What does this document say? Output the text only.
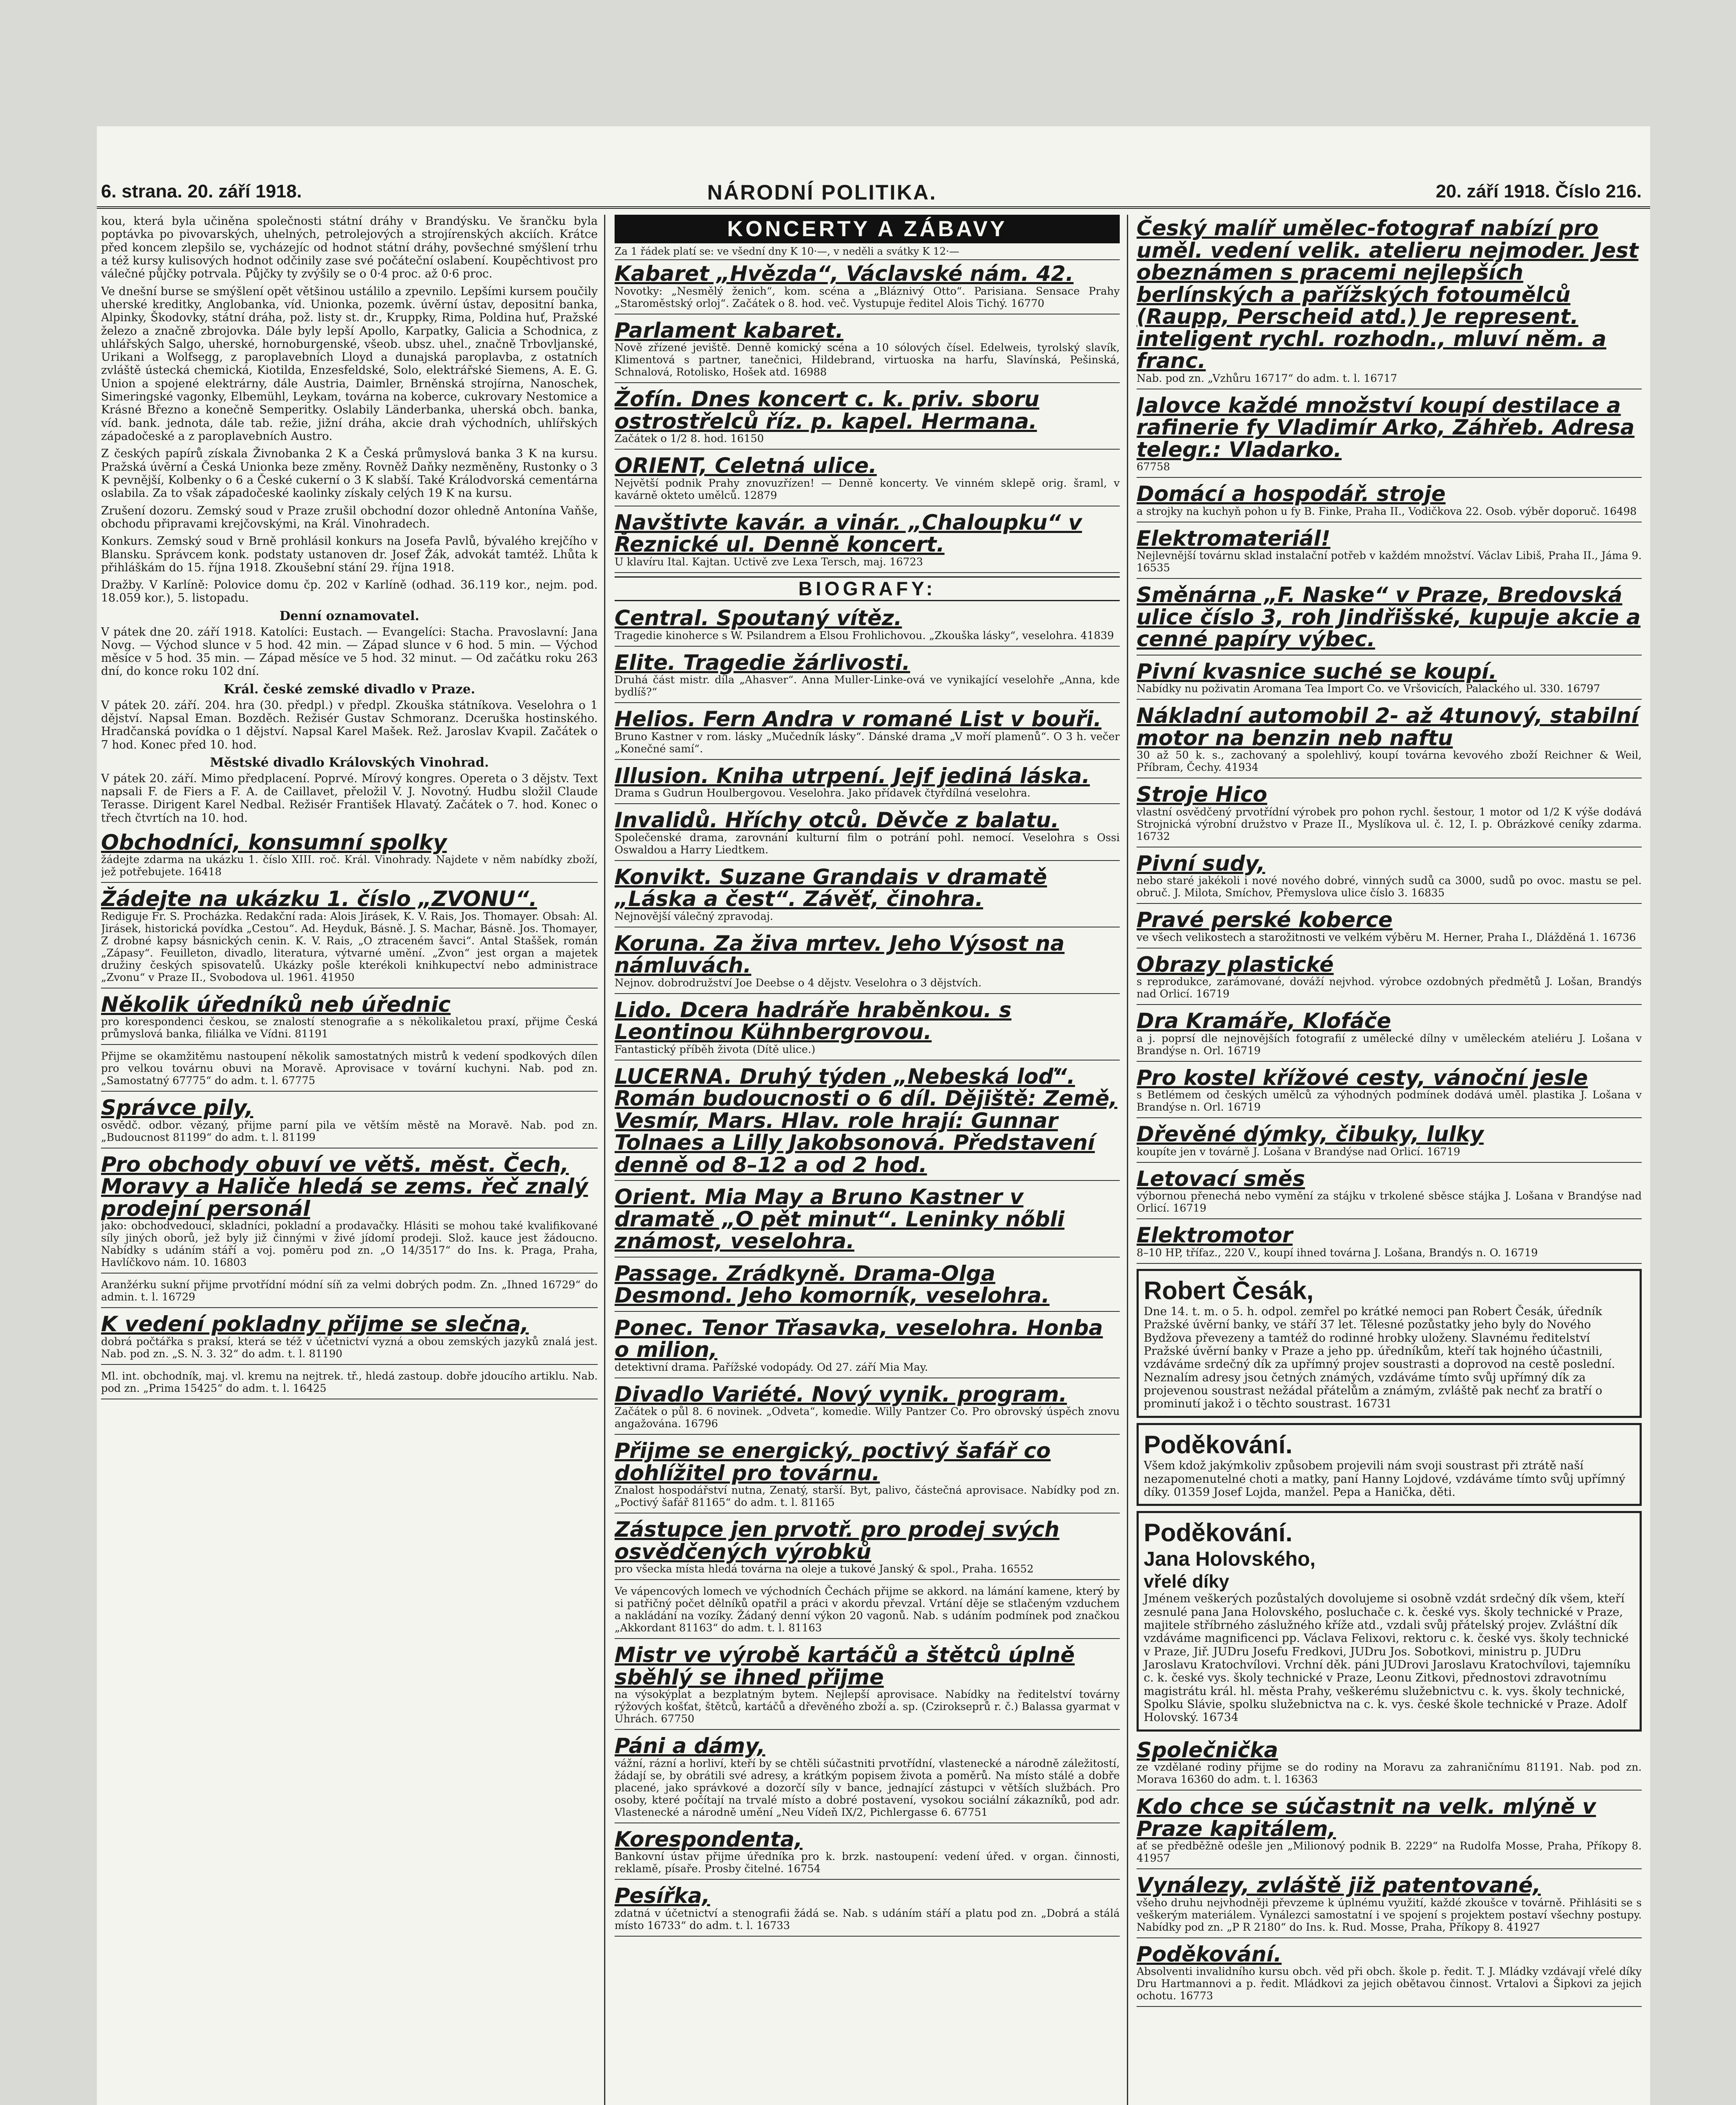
6. strana. 20. září 1918.	NÁRODNÍ POLITIKA.	20. září 1918. Číslo 216.

kou, která byla učiněna společnosti státní dráhy v Brandýsku. Ve šrančku byla poptávka po pivovarských, uhelných, petrolejových a strojírenských akciích. Krátce před koncem zlepšilo se, vycházejíc od hodnot státní dráhy, povšechné smýšlení trhu a též kursy kulisových hodnot odčinily zase své počáteční oslabení. Koupěchtivost pro válečné půjčky potrvala. Půjčky ty zvýšily se o 0·4 proc. až 0·6 proc.

Ve dnešní burse se smýšlení opět většinou ustálilo a zpevnilo. Lepšími kursem poučily uherské kreditky, Anglobanka, víd. Unionka, pozemk. úvěrní ústav, depositní banka, Alpinky, Škodovky, státní dráha, pož. listy st. dr., Kruppky, Rima, Poldina huť, Pražské železo a značně zbrojovka. Dále byly lepší Apollo, Karpatky, Galicia a Schodnica, z uhlářských Salgo, uherské, hornoburgenské, všeob. ubsz. uhel., značně Trbovljanské, Urikani a Wolfsegg, z paroplavebních Lloyd a dunajská paroplavba, z ostatních zvláště ústecká chemická, Kiotilda, Enzesfeldské, Solo, elektrářské Siemens, A. E. G. Union a spojené elektrárny, dále Austria, Daimler, Brněnská strojírna, Nanoschek, Simeringské vagonky, Elbemühl, Leykam, továrna na koberce, cukrovary Nestomice a Krásné Březno a konečně Semperitky. Oslabily Länderbanka, uherská obch. banka, víd. bank. jednota, dále tab. režie, jižní dráha, akcie drah východních, uhlířských západočeské a z paroplavebních Austro.

Z českých papírů získala Živnobanka 2 K a Česká průmyslová banka 3 K na kursu. Pražská úvěrní a Česká Unionka beze změny. Rovněž Daňky nezměněny, Rustonky o 3 K pevnější, Kolbenky o 6 a České cukerní o 3 K slabší. Také Králodvorská cementárna oslabila. Za to však západočeské kaolinky získaly celých 19 K na kursu.

Zrušení dozoru. Zemský soud v Praze zrušil obchodní dozor ohledně Antonína Vaňše, obchodu připravami krejčovskými, na Král. Vinohradech.

Konkurs. Zemský soud v Brně prohlásil konkurs na Josefa Pavlů, bývalého krejčího v Blansku. Správcem konk. podstaty ustanoven dr. Josef Žák, advokát tamtéž. Lhůta k přihláškám do 15. října 1918. Zkoušební stání 29. října 1918.

Dražby. V Karlíně: Polovice domu čp. 202 v Karlíně (odhad. 36.119 kor., nejm. pod. 18.059 kor.), 5. listopadu.

Denní oznamovatel.

V pátek dne 20. září 1918. Katolíci: Eustach. — Evangelíci: Stacha. Pravoslavní: Jana Novg. — Východ slunce v 5 hod. 42 min. — Západ slunce v 6 hod. 5 min. — Východ měsíce v 5 hod. 35 min. — Západ měsíce ve 5 hod. 32 minut. — Od začátku roku 263 dní, do konce roku 102 dní.

Král. české zemské divadlo v Praze.

V pátek 20. září. 204. hra (30. předpl.) v předpl. Zkouška státníkova. Veselohra o 1 dějství. Napsal Eman. Bozděch. Režisér Gustav Schmoranz. Dceruška hostinského. Hradčanská povídka o 1 dějství. Napsal Karel Mašek. Rež. Jaroslav Kvapil. Začátek o 7 hod. Konec před 10. hod.

Městské divadlo Královských Vinohrad.

V pátek 20. září. Mimo předplacení. Poprvé. Mírový kongres. Opereta o 3 dějstv. Text napsali F. de Fiers a F. A. de Caillavet, přeložil V. J. Novotný. Hudbu složil Claude Terasse. Dirigent Karel Nedbal. Režisér František Hlavatý. Začátek o 7. hod. Konec o třech čtvrtích na 10. hod.

Obchodníci, konsumní spolky
žádejte zdarma na ukázku 1. číslo XIII. roč. Král. Vinohrady. Najdete v něm nabídky zboží, jež potřebujete. 16418
Žádejte na ukázku 1. číslo „ZVONU“.
Rediguje Fr. S. Procházka. Redakční rada: Alois Jirásek, K. V. Rais, Jos. Thomayer. Obsah: Al. Jirásek, historická povídka „Cestou“. Ad. Heyduk, Básně. J. S. Machar, Básně. Jos. Thomayer, Z drobné kapsy básnických cenin. K. V. Rais, „O ztraceném šavci“. Antal Staššek, román „Zápasy“. Feuilleton, divadlo, literatura, výtvarné umění. „Zvon“ jest organ a majetek družiny českých spisovatelů. Ukázky pošle kterékoli knihkupectví nebo administrace „Zvonu“ v Praze II., Svobodova ul. 1961. 41950
Několik úředníků neb úřednic
pro korespondenci českou, se znalostí stenografie a s několikaletou praxí, přijme Česká průmyslová banka, filiálka ve Vídni. 81191
Přijme se okamžitěmu nastoupení několik samostatných mistrů k vedení spodkových dílen pro velkou továrnu obuvi na Moravě. Aprovisace v tovární kuchyni. Nab. pod zn. „Samostatný 67775“ do adm. t. l. 67775
Správce pily,
osvědč. odbor. vězaný, přijme parní pila ve větším městě na Moravě. Nab. pod zn. „Budoucnost 81199“ do adm. t. l. 81199
Pro obchody obuví ve větš. měst. Čech, Moravy a Haliče hledá se zems. řeč znalý prodejní personál
jako: obchodvedoucí, skladníci, pokladní a prodavačky. Hlásiti se mohou také kvalifikované síly jiných oborů, jež byly již činnými v živé jídomí prodeji. Slož. kauce jest žádoucno. Nabídky s udáním stáří a voj. poměru pod zn. „O 14/3517“ do Ins. k. Praga, Praha, Havlíčkovo nám. 10. 16803
Aranžérku sukní přijme prvotřídní módní síň za velmi dobrých podm. Zn. „Ihned 16729“ do admin. t. l. 16729
K vedení pokladny přijme se slečna,
dobrá počtářka s praksí, která se též v účetnictví vyzná a obou zemských jazyků znalá jest. Nab. pod zn. „S. N. 3. 32“ do adm. t. l. 81190
Ml. int. obchodník, maj. vl. kremu na nejtrek. tř., hledá zastoup. dobře jdoucího artiklu. Nab. pod zn. „Prima 15425“ do adm. t. l. 16425
KONCERTY A ZÁBAVY
Za 1 řádek platí se: ve všední dny K 10·—, v neděli a svátky K 12·—
Kabaret „Hvězda“, Václavské nám. 42.
Novotky: „Nesmělý ženich“, kom. scéna a „Bláznivý Otto“. Parisiana. Sensace Prahy „Staroměstský orloj“. Začátek o 8. hod. več. Vystupuje ředitel Alois Tichý. 16770
Parlament kabaret.
Nově zřízené jeviště. Denně komický scéna a 10 sólových čísel. Edelweis, tyrolský slavík, Klimentová s partner, tanečnici, Hildebrand, virtuoska na harfu, Slavínská, Pešinská, Schnalová, Rotolisko, Hošek atd. 16988
Žofín. Dnes koncert c. k. priv. sboru ostrostřelců říz. p. kapel. Hermana.
Začátek o 1/2 8. hod. 16150
ORIENT, Celetná ulice.
Největší podnik Prahy znovuzřízen! — Denně koncerty. Ve vinném sklepě orig. šraml, v kavárně okteto umělců. 12879
Navštivte kavár. a vinár. „Chaloupku“ v Řeznické ul. Denně koncert.
U klavíru Ital. Kajtan. Uctivě zve Lexa Tersch, maj. 16723
BIOGRAFY:
Central. Spoutaný vítěz.
Tragedie kinoherce s W. Psilandrem a Elsou Frohlichovou. „Zkouška lásky“, veselohra. 41839
Elite. Tragedie žárlivosti.
Druhá část mistr. díla „Ahasver“. Anna Muller-Linke-ová ve vynikající veselohře „Anna, kde bydlíš?“
Helios. Fern Andra v romané List v bouři.
Bruno Kastner v rom. lásky „Mučedník lásky“. Dánské drama „V moří plamenů“. O 3 h. večer „Konečné samí“.
Illusion. Kniha utrpení. Jejf jediná láska.
Drama s Gudrun Houlbergovou. Veselohra. Jako přídavek čtyřdílná veselohra.
Invalidů. Hříchy otců. Děvče z balatu.
Společenské drama, zarovnání kulturní film o potrání pohl. nemocí. Veselohra s Ossi Oswaldou a Harry Liedtkem.
Konvikt. Suzane Grandais v dramatě „Láska a čest“. Závěť, činohra.
Nejnovější válečný zpravodaj.
Koruna. Za živa mrtev. Jeho Výsost na námluvách.
Nejnov. dobrodružství Joe Deebse o 4 dějstv. Veselohra o 3 dějstvích.
Lido. Dcera hadráře hraběnkou. s Leontinou Kühnbergrovou.
Fantastický příběh života (Dítě ulice.)
LUCERNA. Druhý týden „Nebeská loď“. Román budoucnosti o 6 díl. Dějiště: Země, Vesmír, Mars. Hlav. role hrají: Gunnar Tolnaes a Lilly Jakobsonová. Představení denně od 8–12 a od 2 hod.
Orient. Mia May a Bruno Kastner v dramatě „O pět minut“. Leninky nőbli známost, veselohra.
Passage. Zrádkyně. Drama-Olga Desmond. Jeho komorník, veselohra.
Ponec. Tenor Třasavka, veselohra. Honba o milion,
detektivní drama. Pařížské vodopády. Od 27. září Mia May.
Divadlo Variété. Nový vynik. program.
Začátek o půl 8. 6 novinek. „Odveta“, komedie. Willy Pantzer Co. Pro obrovský úspěch znovu angažována. 16796
Přijme se energický, poctivý šafář co dohlížitel pro továrnu.
Znalost hospodářství nutna, Zenatý, starší. Byt, palivo, částečná aprovisace. Nabídky pod zn. „Poctivý šafář 81165“ do adm. t. l. 81165
Zástupce jen prvotř. pro prodej svých osvědčených výrobků
pro všecka místa hledá továrna na oleje a tukové Janský & spol., Praha. 16552
Ve vápencových lomech ve východních Čechách přijme se akkord. na lámání kamene, který by si patřičný počet dělníků opatřil a práci v akordu převzal. Vrtání děje se stlačeným vzduchem a nakládání na vozíky. Žádaný denní výkon 20 vagonů. Nab. s udáním podmínek pod značkou „Akkordant 81163“ do adm. t. l. 81163
Mistr ve výrobě kartáčů a štětců úplně sběhlý se ihned přijme
na výsokýplat a bezplatným bytem. Nejlepší aprovisace. Nabídky na ředitelství továrny rýžových košťat, štětců, kartáčů a dřevěného zboží a. sp. (Czirokseprů r. č.) Balassa gyarmat v Uhrách. 67750
Páni a dámy,
vážní, rázní a horliví, kteří by se chtěli súčastniti prvotřídní, vlastenecké a národně záležitostí, žádají se, by obrátili své adresy, a krátkým popisem života a poměrů. Na místo stálé a dobře placené, jako správkové a dozorčí síly v bance, jednající zástupci v větších službách. Pro osoby, které počítají na trvalé místo a dobré postavení, vysokou sociální zákazníků, pod adr. Vlastenecké a národně umění „Neu Vídeň IX/2, Pichlergasse 6. 67751
Korespondenta,
Bankovní ústav přijme úředníka pro k. brzk. nastoupení: vedení úřed. v organ. činnosti, reklamě, písaře. Prosby čitelné. 16754
Pesířka,
zdatná v účetnictví a stenografii žádá se. Nab. s udáním stáří a platu pod zn. „Dobrá a stálá místo 16733“ do adm. t. l. 16733
Český malíř umělec-fotograf nabízí pro uměl. vedení velik. atelieru nejmoder. Jest obeznámen s pracemi nejlepších berlínských a pařížských fotoumělců (Raupp, Perscheid atd.) Je represent. inteligent rychl. rozhodn., mluví něm. a franc.
Nab. pod zn. „Vzhůru 16717“ do adm. t. l. 16717
Jalovce každé množství koupí destilace a rafinerie fy Vladimír Arko, Záhřeb. Adresa telegr.: Vladarko.
67758
Domácí a hospodář. stroje
a strojky na kuchyň pohon u fy B. Finke, Praha II., Vodičkova 22. Osob. výběr doporuč. 16498
Elektromateriál!
Nejlevnější továrnu sklad instalační potřeb v každém množství. Václav Libiš, Praha II., Jáma 9. 16535
Směnárna „F. Naske“ v Praze, Bredovská ulice číslo 3, roh Jindřišské, kupuje akcie a cenné papíry výbec.
Pivní kvasnice suché se koupí.
Nabídky nu poživatin Aromana Tea Import Co. ve Vršovicích, Palackého ul. 330. 16797
Nákladní automobil 2- až 4tunový, stabilní motor na benzin neb naftu
30 až 50 k. s., zachovaný a spolehlivý, koupí továrna kevového zboží Reichner & Weil, Příbram, Čechy. 41934
Stroje Hico
vlastní osvědčený prvotřídní výrobek pro pohon rychl. šestour, 1 motor od 1/2 K výše dodává Strojnická výrobní družstvo v Praze II., Myslíkova ul. č. 12, I. p. Obrázkové ceníky zdarma. 16732
Pivní sudy,
nebo staré jakékoli i nové nového dobré, vinných sudů ca 3000, sudů po ovoc. mastu se pel. obruč. J. Milota, Smíchov, Přemyslova ulice číslo 3. 16835
Pravé perské koberce
ve všech velikostech a starožitnosti ve velkém výběru M. Herner, Praha I., Dlážděná 1. 16736
Obrazy plastické
s reprodukce, zarámované, dováží nejvhod. výrobce ozdobných předmětů J. Lošan, Brandýs nad Orlicí. 16719
Dra Kramáře, Klofáče
a j. poprsí dle nejnovějších fotografií z umělecké dílny v uměleckém ateliéru J. Lošana v Brandýse n. Orl. 16719
Pro kostel křížové cesty, vánoční jesle
s Betlémem od českých umělců za výhodných podmínek dodává uměl. plastika J. Lošana v Brandýse n. Orl. 16719
Dřevěné dýmky, čibuky, lulky
koupíte jen v továrně J. Lošana v Brandýse nad Orlicí. 16719
Letovací směs
výbornou přenechá nebo vymění za stájku v trkolené sběsce stájka J. Lošana v Brandýse nad Orlicí. 16719
Elektromotor
8–10 HP, třífaz., 220 V., koupí ihned továrna J. Lošana, Brandýs n. O. 16719
Robert Česák,
Dne 14. t. m. o 5. h. odpol. zemřel po krátké nemoci pan Robert Česák, úředník Pražské úvěrní banky, ve stáří 37 let. Tělesné pozůstatky jeho byly do Nového Bydžova převezeny a tamtéž do rodinné hrobky uloženy. Slavnému ředitelství Pražské úvěrní banky v Praze a jeho pp. úředníkům, kteří tak hojného účastnili, vzdáváme srdečný dík za upřímný projev soustrasti a doprovod na cestě poslední. Neznalím adresy jsou četných známých, vzdáváme tímto svůj upřímný dík za projevenou soustrast nežádal přátelům a známým, zvláště pak nechť za bratří o prominutí jakož i o těchto soustrast. 16731
Poděkování.
Všem kdož jakýmkoliv způsobem projevili nám svoji soustrast při ztrátě naší nezapomenutelné choti a matky, paní Hanny Lojdové, vzdáváme tímto svůj upřímný díky. 01359 Josef Lojda, manžel. Pepa a Hanička, děti.
Poděkování.
Jana Holovského,
vřelé díky
Jménem veškerých pozůstalých dovolujeme si osobně vzdát srdečný dík všem, kteří zesnulé pana Jana Holovského, posluchače c. k. české vys. školy technické v Praze, majitele stříbrného záslužného kříže atd., vzdali svůj přátelský projev. Zvláštní dík vzdáváme magnificenci pp. Václava Felixovi, rektoru c. k. české vys. školy technické v Praze, Jiř. JUDru Josefu Fredkovi, JUDru Jos. Sobotkovi, ministru p. JUDru Jaroslavu Kratochvílovi. Vrchní děk. páni JUDrovi Jaroslavu Kratochvílovi, tajemníku c. k. české vys. školy technické v Praze, Leonu Zitkovi, přednostovi zdravotnímu magistrátu král. hl. města Prahy, veškerému služebnictvu c. k. vys. školy technické, Spolku Slávie, spolku služebnictva na c. k. vys. české škole technické v Praze. Adolf Holovský. 16734
Společnička
ze vzdělané rodiny přijme se do rodiny na Moravu za zahraničnímu 81191. Nab. pod zn. Morava 16360 do adm. t. l. 16363
Kdo chce se súčastnit na velk. mlýně v Praze kapitálem,
ať se předběžně odešle jen „Milionový podnik B. 2229“ na Rudolfa Mosse, Praha, Příkopy 8. 41957
Vynálezy, zvláště již patentované,
všeho druhu nejvhodněji převzeme k úplnému využití, každé zkoušce v továrně. Přihlásiti se s veškerým materiálem. Vynálezci samostatní i ve spojení s projektem postaví všechny postupy. Nabídky pod zn. „P R 2180“ do Ins. k. Rud. Mosse, Praha, Příkopy 8. 41927
Poděkování.
Absolventi invalidního kursu obch. věd při obch. škole p. ředit. T. J. Mládky vzdávají vřelé díky Dru Hartmannovi a p. ředit. Mládkovi za jejich obětavou činnost. Vrtalovi a Šipkovi za jejich ochotu. 16773
